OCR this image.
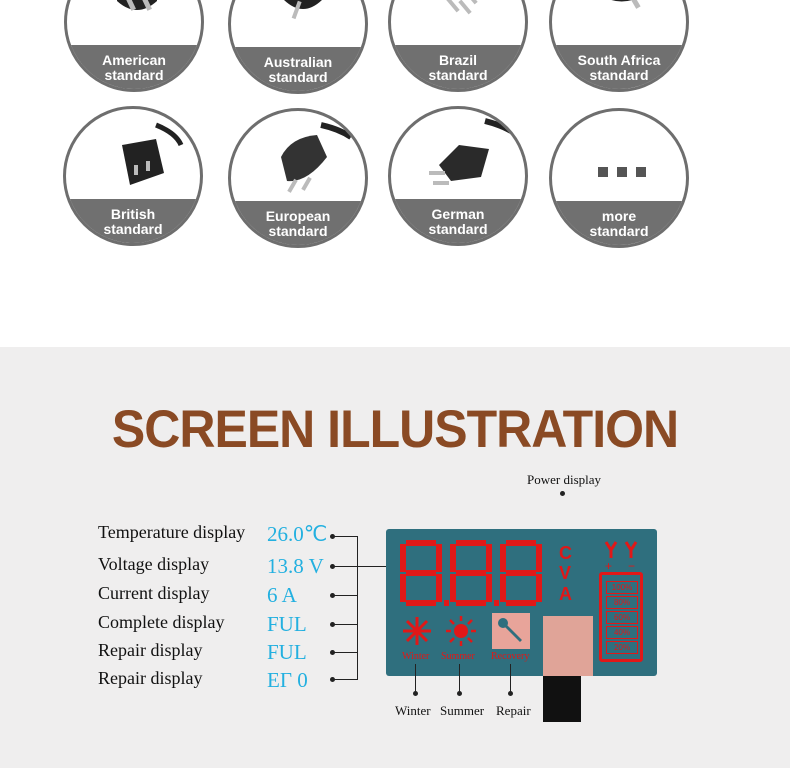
American
standard
Australian
standard
Brazil
standard
South Africa
standard
British
standard
European
standard
German
standard
more
standard
SCREEN ILLUSTRATION
Power display
Temperature display 26.0℃
Voltage display	13.8 V
Current display	6 A
Complete display FUL
Repair display	FUL
Repair display	EГ 0
C
V
A
+ −
100%
80%
60%
40%
20%
Winter Summer Recovery
Winter Summer Repair
